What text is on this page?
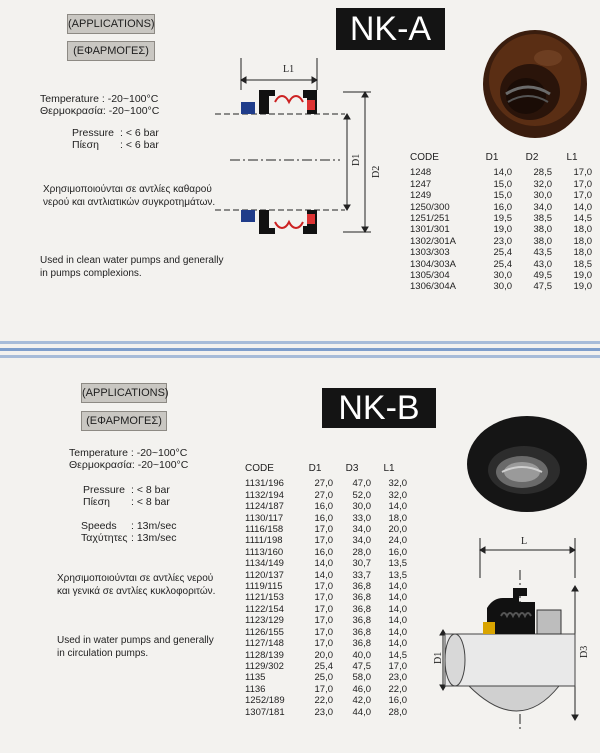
(APPLICATIONS)
(ΕΦΑΡΜΟΓΕΣ)
NK-A
Temperature : -20~100°C
Θερμοκρασία: -20~100°C
Pressure : < 6 bar
Πίεση : < 6 bar
Χρησιμοποιούνται σε αντλίες καθαρού
νερού και αντλιατικών συγκροτημάτων.
Used in clean water pumps and generally
in pumps complexions.
L1
D1
D2
CODE	D1	D2	L1
1248	14,0	28,5	17,0
1247	15,0	32,0	17,0
1249	15,0	30,0	17,0
1250/300	16,0	34,0	14,0
1251/251	19,5	38,5	14,5
1301/301	19,0	38,0	18,0
1302/301A	23,0	38,0	18,0
1303/303	25,4	43,5	18,0
1304/303A	25,4	43,0	18,5
1305/304	30,0	49,5	19,0
1306/304A	30,0	47,5	19,0
(APPLICATIONS)
(ΕΦΑΡΜΟΓΕΣ)	NK-B
Temperature : -20~100°C
Θερμοκρασία: -20~100°C
Pressure : < 8 bar
Πίεση : < 8 bar
Speeds : 13m/sec
Ταχύτητες : 13m/sec
Χρησιμοποιούνται σε αντλίες νερού
και γενικά σε αντλίες κυκλοφοριτών.
Used in water pumps and generally
in circulation pumps.
CODE	D1	D3	L1
1131/196	27,0	47,0	32,0
1132/194	27,0	52,0	32,0
1124/187	16,0	30,0	14,0
1130/117	16,0	33,0	18,0
1116/158	17,0	34,0	20,0
1111/198	17,0	34,0	24,0
1113/160	16,0	28,0	16,0
1134/149	14,0	30,7	13,5
1120/137	14,0	33,7	13,5
1119/115	17,0	36,8	14,0
1121/153	17,0	36,8	14,0
1122/154	17,0	36,8	14,0
1123/129	17,0	36,8	14,0
1126/155	17,0	36,8	14,0
1127/148	17,0	36,8	14,0
1128/139	20,0	40,0	14,5
1129/302	25,4	47,5	17,0
1135	25,0	58,0	23,0
1136	17,0	46,0	22,0
1252/189	22,0	42,0	16,0
1307/181	23,0	44,0	28,0
L
D1	D3
